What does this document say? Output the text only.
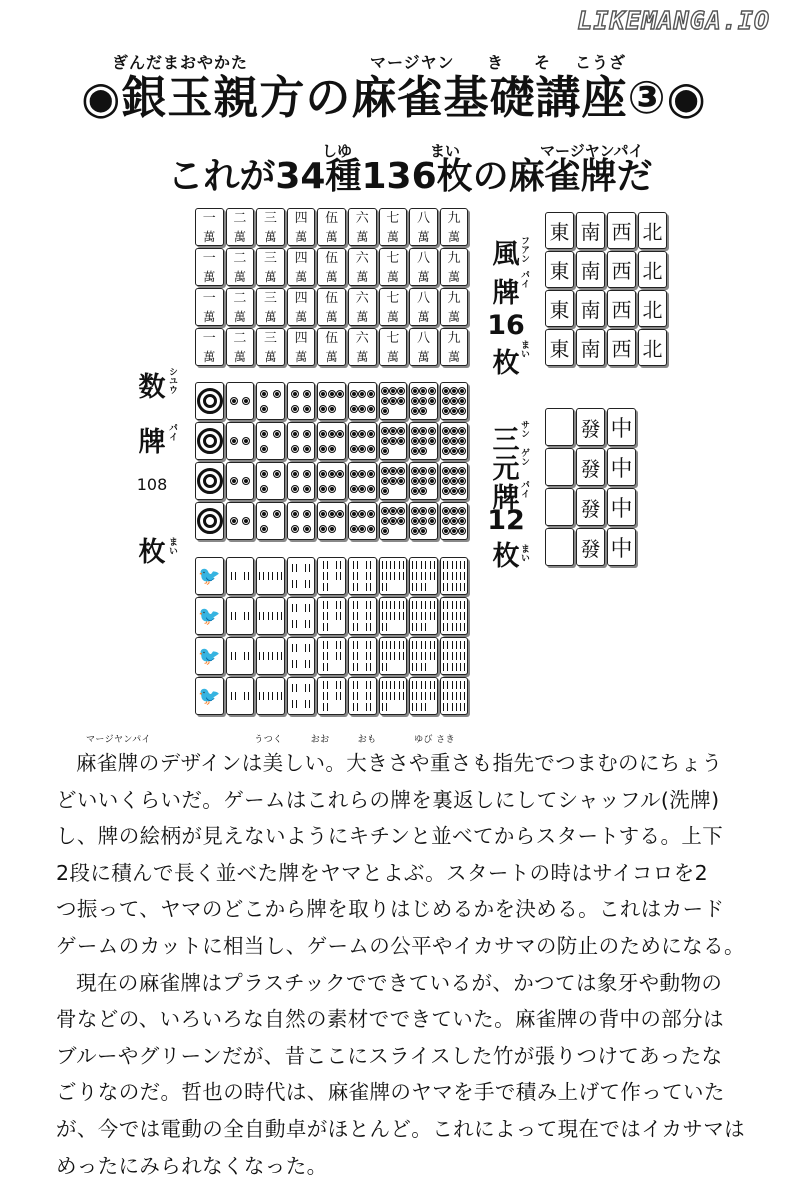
LIKEMANGA.IO
ぎんだまおやかた	マージヤン き そ こうざ
◉銀玉親方の麻雀基礎講座③◉
しゆ	まい	マージヤンパイ
これが34種136枚の麻雀牌だ
一
萬
二
萬
三
萬
四
萬
伍
萬
六
萬
七
萬
八
萬
九
萬
一
萬
二
萬
三
萬
四
萬
伍
萬
六
萬
七
萬
八
萬
九
萬
一
萬
二
萬
三
萬
四
萬
伍
萬
六
萬
七
萬
八
萬
九
萬
一
萬
二
萬
三
萬
四
萬
伍
萬
六
萬
七
萬
八
萬
九
萬
🐦
🐦
🐦
🐦
東 南 西 北
東 南 西 北
東 南 西 北
東 南 西 北
發 中
發 中
發 中
發 中
風
牌
16
枚
フアン
パイ
まい
数
牌
108
枚
シユウ
パイ
まい
三
元
牌
12
枚
サン
ゲン
パイ
まい

マージヤンパイ　　　　　　　　　　　うつく　　　おお　　　おも　　　　ゆび さき

麻雀牌のデザインは美しい。大きさや重さも指先でつまむのにちょう

どいいくらいだ。ゲームはこれらの牌を裏返しにしてシャッフル(洗牌)

し、牌の絵柄が見えないようにキチンと並べてからスタートする。上下

2段に積んで長く並べた牌をヤマとよぶ。スタートの時はサイコロを2

つ振って、ヤマのどこから牌を取りはじめるかを決める。これはカード

ゲームのカットに相当し、ゲームの公平やイカサマの防止のためになる。

現在の麻雀牌はプラスチックでできているが、かつては象牙や動物の

骨などの、いろいろな自然の素材でできていた。麻雀牌の背中の部分は

ブルーやグリーンだが、昔ここにスライスした竹が張りつけてあったな

ごりなのだ。哲也の時代は、麻雀牌のヤマを手で積み上げて作っていた

が、今では電動の全自動卓がほとんど。これによって現在ではイカサマは

めったにみられなくなった。
